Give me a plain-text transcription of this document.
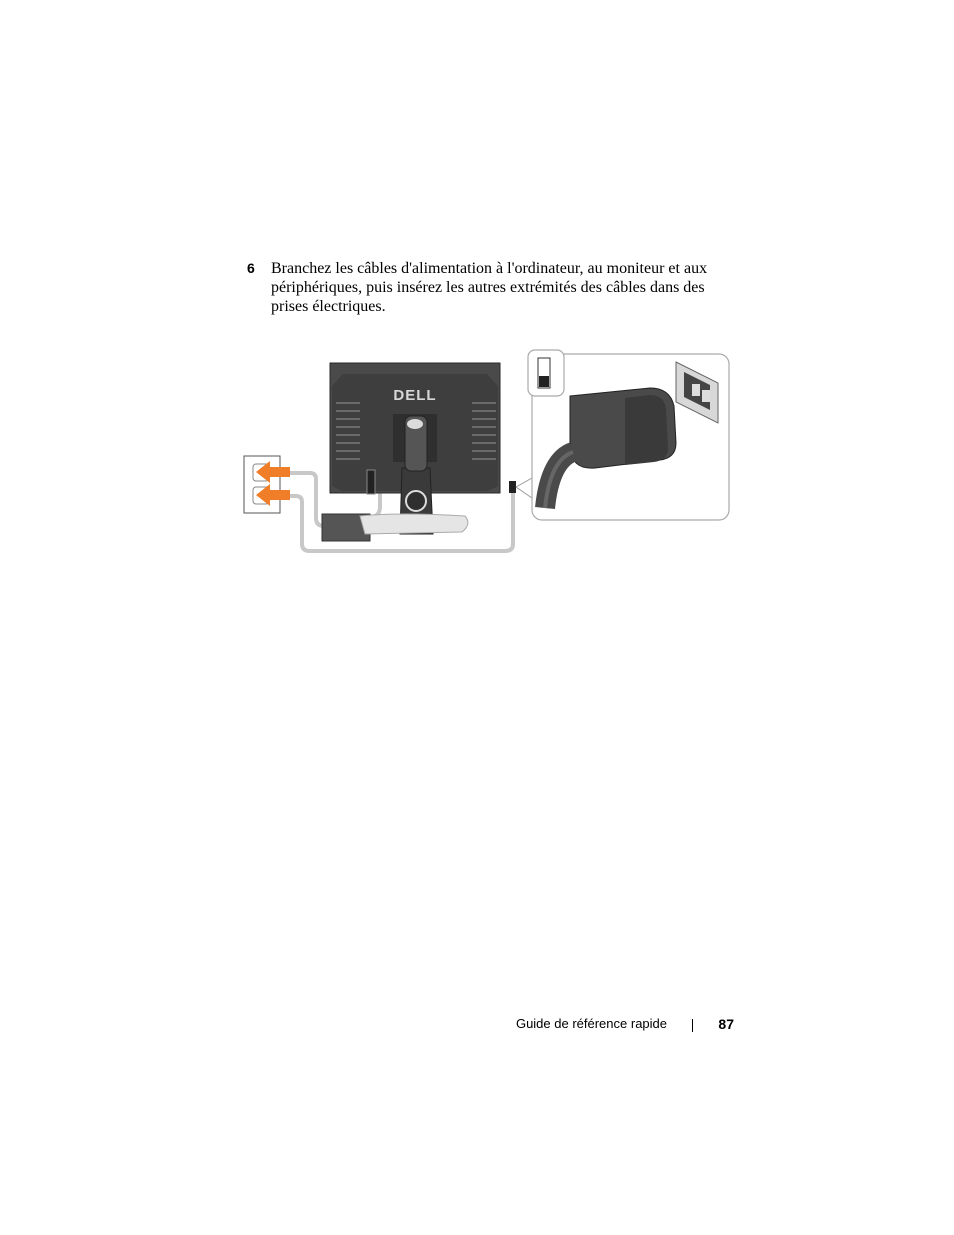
6 Branchez les câbles d'alimentation à l'ordinateur, au moniteur et aux périphériques, puis insérez les autres extrémités des câbles dans des prises électriques.
DELL
Guide de référence rapide	87
